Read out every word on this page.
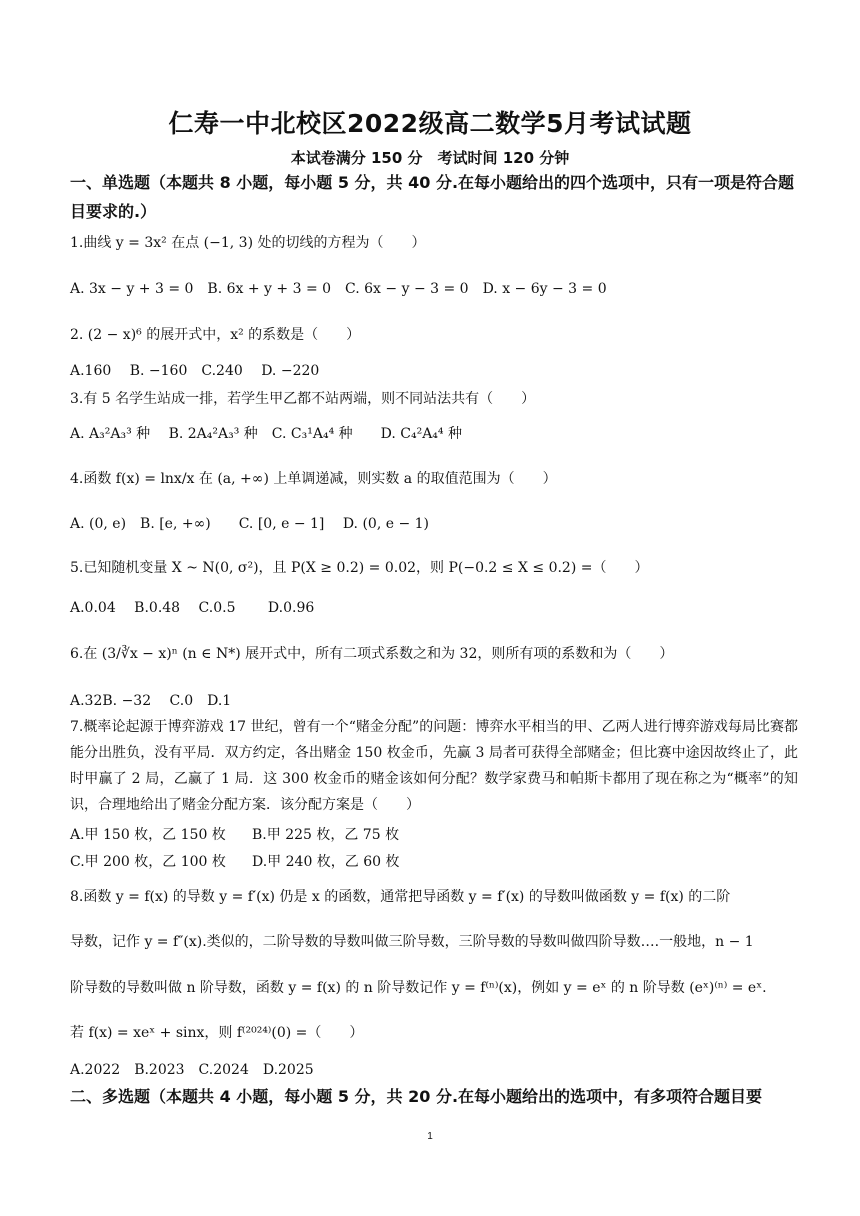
仁寿一中北校区2022级高二数学5月考试试题
本试卷满分 150 分　考试时间 120 分钟
一、单选题（本题共 8 小题，每小题 5 分，共 40 分.在每小题给出的四个选项中，只有一项是符合题目要求的.）
1.曲线 y = 3x² 在点 (−1, 3) 处的切线的方程为（　　）
A. 3x − y + 3 = 0　B. 6x + y + 3 = 0　C. 6x − y − 3 = 0　D. x − 6y − 3 = 0
2. (2 − x)⁶ 的展开式中，x² 的系数是（　　）
A.160　 B. −160　C.240　 D. −220
3.有 5 名学生站成一排，若学生甲乙都不站两端，则不同站法共有（　　）
A. A₃²A₃³ 种　 B. 2A₄²A₃³ 种　C. C₃¹A₄⁴ 种　　D. C₄²A₄⁴ 种
4.函数 f(x) = lnx/x 在 (a, +∞) 上单调递减，则实数 a 的取值范围为（　　）
A. (0, e)　B. [e, +∞)　　C. [0, e − 1]　 D. (0, e − 1)
5.已知随机变量 X ~ N(0, σ²)，且 P(X ≥ 0.2) = 0.02，则 P(−0.2 ≤ X ≤ 0.2) =（　　）
A.0.04　 B.0.48　 C.0.5　　 D.0.96
6.在 (3/∛x − x)ⁿ (n ∈ N*) 展开式中，所有二项式系数之和为 32，则所有项的系数和为（　　）
A.32B. −32　 C.0　D.1
7.概率论起源于博弈游戏 17 世纪，曾有一个“赌金分配”的问题：博弈水平相当的甲、乙两人进行博弈游戏每局比赛都能分出胜负，没有平局．双方约定，各出赌金 150 枚金币，先赢 3 局者可获得全部赌金；但比赛中途因故终止了，此时甲赢了 2 局，乙赢了 1 局．这 300 枚金币的赌金该如何分配？数学家费马和帕斯卡都用了现在称之为“概率”的知识，合理地给出了赌金分配方案．该分配方案是（　　）
A.甲 150 枚，乙 150 枚	B.甲 225 枚，乙 75 枚
C.甲 200 枚，乙 100 枚	D.甲 240 枚，乙 60 枚
8.函数 y = f(x) 的导数 y = f′(x) 仍是 x 的函数，通常把导函数 y = f′(x) 的导数叫做函数 y = f(x) 的二阶
导数，记作 y = f″(x).类似的，二阶导数的导数叫做三阶导数，三阶导数的导数叫做四阶导数….一般地，n − 1
阶导数的导数叫做 n 阶导数，函数 y = f(x) 的 n 阶导数记作 y = f⁽ⁿ⁾(x)，例如 y = eˣ 的 n 阶导数 (eˣ)⁽ⁿ⁾ = eˣ.
若 f(x) = xeˣ + sinx，则 f⁽²⁰²⁴⁾(0) =（　　）
A.2022　B.2023　C.2024　D.2025
二、多选题（本题共 4 小题，每小题 5 分，共 20 分.在每小题给出的选项中，有多项符合题目要
1
